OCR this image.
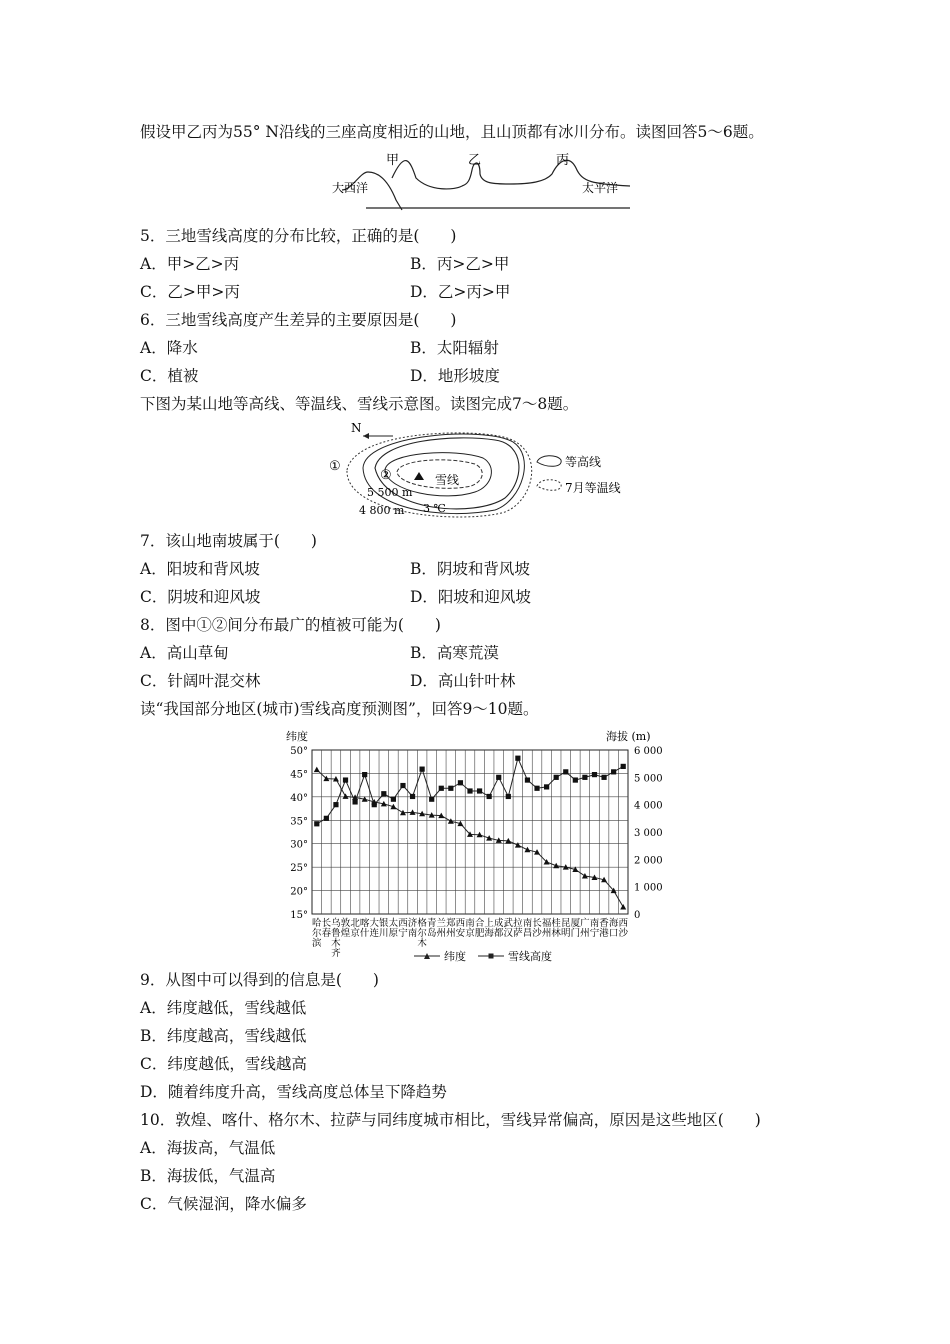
假设甲乙丙为55° N沿线的三座高度相近的山地，且山顶都有冰川分布。读图回答5～6题。
甲	乙	丙
大西洋	太平洋
5．三地雪线高度的分布比较，正确的是(　　)
A．甲>乙>丙	B．丙>乙>甲
C．乙>甲>丙	D．乙>丙>甲
6．三地雪线高度产生差异的主要原因是(　　)
A．降水	B．太阳辐射
C．植被	D．地形坡度
下图为某山地等高线、等温线、雪线示意图。读图完成7～8题。
N
①
②	雪线
5 500 m
4 800 m 3 ℃
等高线
7月等温线
7．该山地南坡属于(　　)
A．阳坡和背风坡	B．阴坡和背风坡
C．阴坡和迎风坡	D．阳坡和迎风坡
8．图中①②间分布最广的植被可能为(　　)
A．高山草甸	B．高寒荒漠
C．针阔叶混交林	D．高山针叶林
读“我国部分地区(城市)雪线高度预测图”，回答9～10题。
纬度	海拔 (m)
15°
20°
25°
30°
35°
40°
45°
50°
0
1 000
2 000
3 000
4 000
5 000
6 000
哈尔滨
长春
乌鲁木齐
敦煌
北京
喀什
大连
银川
太原
西宁
济南
格尔木
青岛
兰州
郑州
西安
南京
合肥
上海
成都
武汉
拉萨
南昌
长沙
福州
桂林
昆明
厦门
广州
南宁
香港
海口
西沙
纬度	雪线高度
9．从图中可以得到的信息是(　　)
A．纬度越低，雪线越低
B．纬度越高，雪线越低
C．纬度越低，雪线越高
D．随着纬度升高，雪线高度总体呈下降趋势
10．敦煌、喀什、格尔木、拉萨与同纬度城市相比，雪线异常偏高，原因是这些地区(　　)
A．海拔高，气温低
B．海拔低，气温高
C．气候湿润，降水偏多
